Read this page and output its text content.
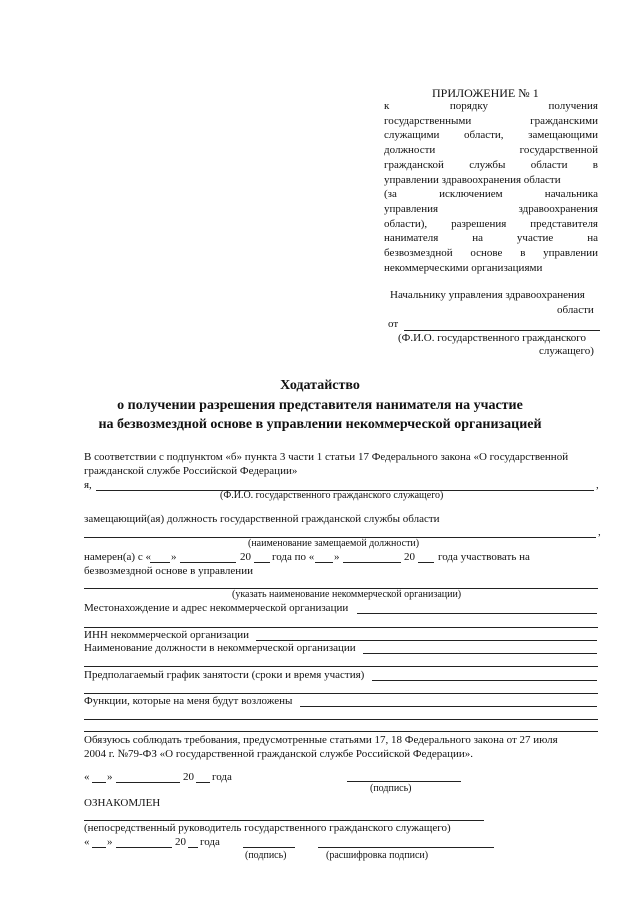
ПРИЛОЖЕНИЕ № 1
к порядку получения
государственными гражданскими
служащими области, замещающими
должности государственной
гражданской службы области в
управлении здравоохранения области
(за исключением начальника
управления здравоохранения
области), разрешения представителя
нанимателя на участие на
безвозмездной основе в управлении
некоммерческими организациями
Начальнику управления здравоохранения
области
от
(Ф.И.О. государственного гражданского
служащего)
Ходатайство
о получении разрешения представителя нанимателя на участие
на безвозмездной основе в управлении некоммерческой организацией
В соответствии с подпунктом «б» пункта 3 части 1 статьи 17 Федерального закона «О государственной
гражданской службе Российской Федерации»
я,	,
(Ф.И.О. государственного гражданского служащего)
замещающий(ая) должность государственной гражданской службы области
,
(наименование замещаемой должности)
намерен(а) с « »	20 года по « »	20 года участвовать на
безвозмездной основе в управлении
(указать наименование некоммерческой организации)
Местонахождение и адрес некоммерческой организации
ИНН некоммерческой организации
Наименование должности в некоммерческой организации
Предполагаемый график занятости (сроки и время участия)
Функции, которые на меня будут возложены
Обязуюсь соблюдать требования, предусмотренные статьями 17, 18 Федерального закона от 27 июля
2004 г. №79-ФЗ «О государственной гражданской службе Российской Федерации».
« »	20 года
(подпись)
ОЗНАКОМЛЕН
(непосредственный руководитель государственного гражданского служащего)
« »	20 года
(подпись)	(расшифровка подписи)
